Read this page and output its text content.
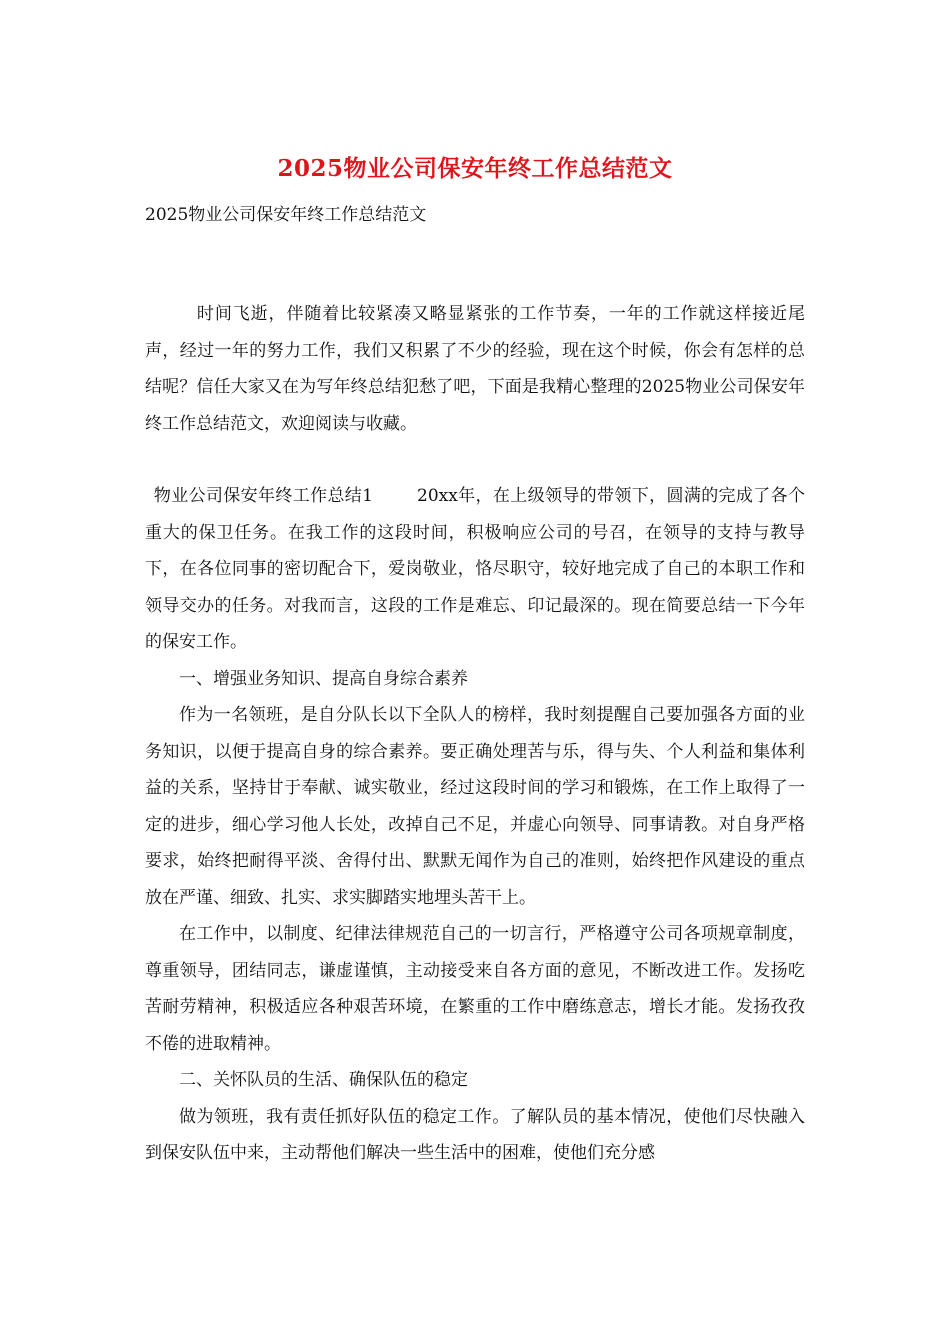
2025物业公司保安年终工作总结范文
2025物业公司保安年终工作总结范文

　时间飞逝，伴随着比较紧凑又略显紧张的工作节奏，一年的工作就这样接近尾声，经过一年的努力工作，我们又积累了不少的经验，现在这个时候，你会有怎样的总结呢？信任大家又在为写年终总结犯愁了吧，下面是我精心整理的2025物业公司保安年终工作总结范文，欢迎阅读与收藏。

 物业公司保安年终工作总结1	20xx年，在上级领导的带领下，圆满的完成了各个重大的保卫任务。在我工作的这段时间，积极响应公司的号召，在领导的支持与教导下，在各位同事的密切配合下，爱岗敬业，恪尽职守，较好地完成了自己的本职工作和领导交办的任务。对我而言，这段的工作是难忘、印记最深的。现在简要总结一下今年的保安工作。

一、增强业务知识、提高自身综合素养

作为一名领班，是自分队长以下全队人的榜样，我时刻提醒自己要加强各方面的业务知识，以便于提高自身的综合素养。要正确处理苦与乐，得与失、个人利益和集体利益的关系，坚持甘于奉献、诚实敬业，经过这段时间的学习和锻炼，在工作上取得了一定的进步，细心学习他人长处，改掉自己不足，并虚心向领导、同事请教。对自身严格要求，始终把耐得平淡、舍得付出、默默无闻作为自己的准则，始终把作风建设的重点放在严谨、细致、扎实、求实脚踏实地埋头苦干上。

在工作中，以制度、纪律法律规范自己的一切言行，严格遵守公司各项规章制度，尊重领导，团结同志，谦虚谨慎，主动接受来自各方面的意见，不断改进工作。发扬吃苦耐劳精神，积极适应各种艰苦环境，在繁重的工作中磨练意志，增长才能。发扬孜孜不倦的进取精神。

二、关怀队员的生活、确保队伍的稳定

做为领班，我有责任抓好队伍的稳定工作。了解队员的基本情况，使他们尽快融入到保安队伍中来，主动帮他们解决一些生活中的困难，使他们充分感
